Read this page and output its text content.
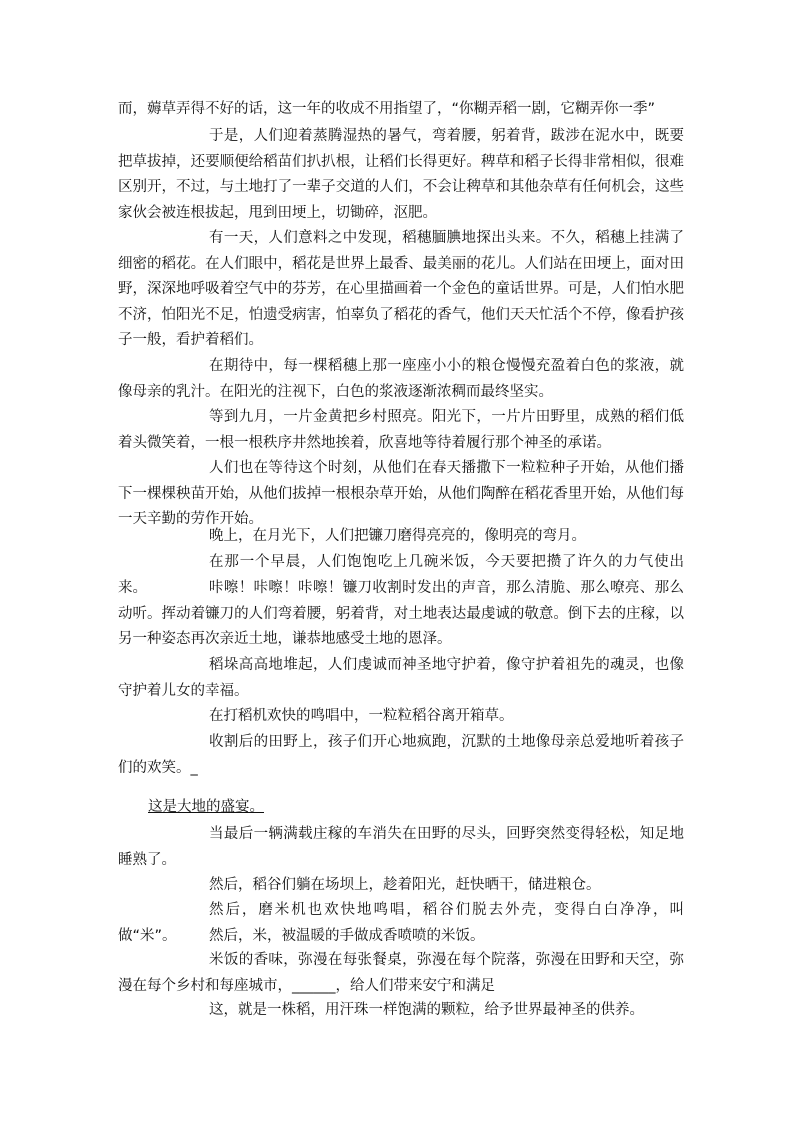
而，薅草弄得不好的话，这一年的收成不用指望了，“你糊弄稻一剧，它糊弄你一季”

于是，人们迎着蒸腾湿热的暑气，弯着腰，躬着背，跋涉在泥水中，既要把草拔掉，还要顺便给稻苗们扒扒根，让稻们长得更好。稗草和稻子长得非常相似，很难区别开，不过，与土地打了一辈子交道的人们，不会让稗草和其他杂草有任何机会，这些家伙会被连根拔起，甩到田埂上，切锄碎，沤肥。

有一天，人们意料之中发现，稻穗腼腆地探出头来。不久，稻穗上挂满了细密的稻花。在人们眼中，稻花是世界上最香、最美丽的花儿。人们站在田埂上，面对田野，深深地呼吸着空气中的芬芳，在心里描画着一个金色的童话世界。可是，人们怕水肥不济，怕阳光不足，怕遗受病害，怕辜负了稻花的香气，他们天天忙活个不停，像看护孩子一般，看护着稻们。

在期待中，每一棵稻穗上那一座座小小的粮仓慢慢充盈着白色的浆液，就像母亲的乳汁。在阳光的注视下，白色的浆液逐渐浓稠而最终坚实。

等到九月，一片金黄把乡村照亮。阳光下，一片片田野里，成熟的稻们低着头微笑着，一根一根秩序井然地挨着，欣喜地等待着履行那个神圣的承诺。

人们也在等待这个时刻，从他们在春天播撒下一粒粒种子开始，从他们播下一棵棵秧苗开始，从他们拔掉一根根杂草开始，从他们陶醉在稻花香里开始，从他们每一天辛勤的劳作开始。

晚上，在月光下，人们把镰刀磨得亮亮的，像明亮的弯月。

在那一个早晨，人们饱饱吃上几碗米饭，今天要把攒了许久的力气使出来。	咔嚓！咔嚓！咔嚓！镰刀收割时发出的声音，那么清脆、那么嘹亮、那么动听。挥动着镰刀的人们弯着腰，躬着背，对土地表达最虔诚的敬意。倒下去的庄稼，以另一种姿态再次亲近土地，谦恭地感受土地的恩泽。

稻垛高高地堆起，人们虔诚而神圣地守护着，像守护着祖先的魂灵，也像守护着儿女的幸福。

在打稻机欢快的鸣唱中，一粒粒稻谷离开箱草。

收割后的田野上，孩子们开心地疯跑，沉默的土地像母亲总爱地听着孩子们的欢笑。_

这是大地的盛宴。

当最后一辆满载庄稼的车消失在田野的尽头，回野突然变得轻松，知足地睡熟了。

然后，稻谷们躺在场坝上，趁着阳光，赶快晒干，储进粮仓。

然后，磨米机也欢快地鸣唱，稻谷们脱去外壳，变得白白净净，叫做“米”。	然后，米，被温暖的手做成香喷喷的米饭。

米饭的香味，弥漫在每张餐桌，弥漫在每个院落，弥漫在田野和天空，弥漫在每个乡村和每座城市，______，给人们带来安宁和满足

这，就是一株稻，用汗珠一样饱满的颗粒，给予世界最神圣的供养。
